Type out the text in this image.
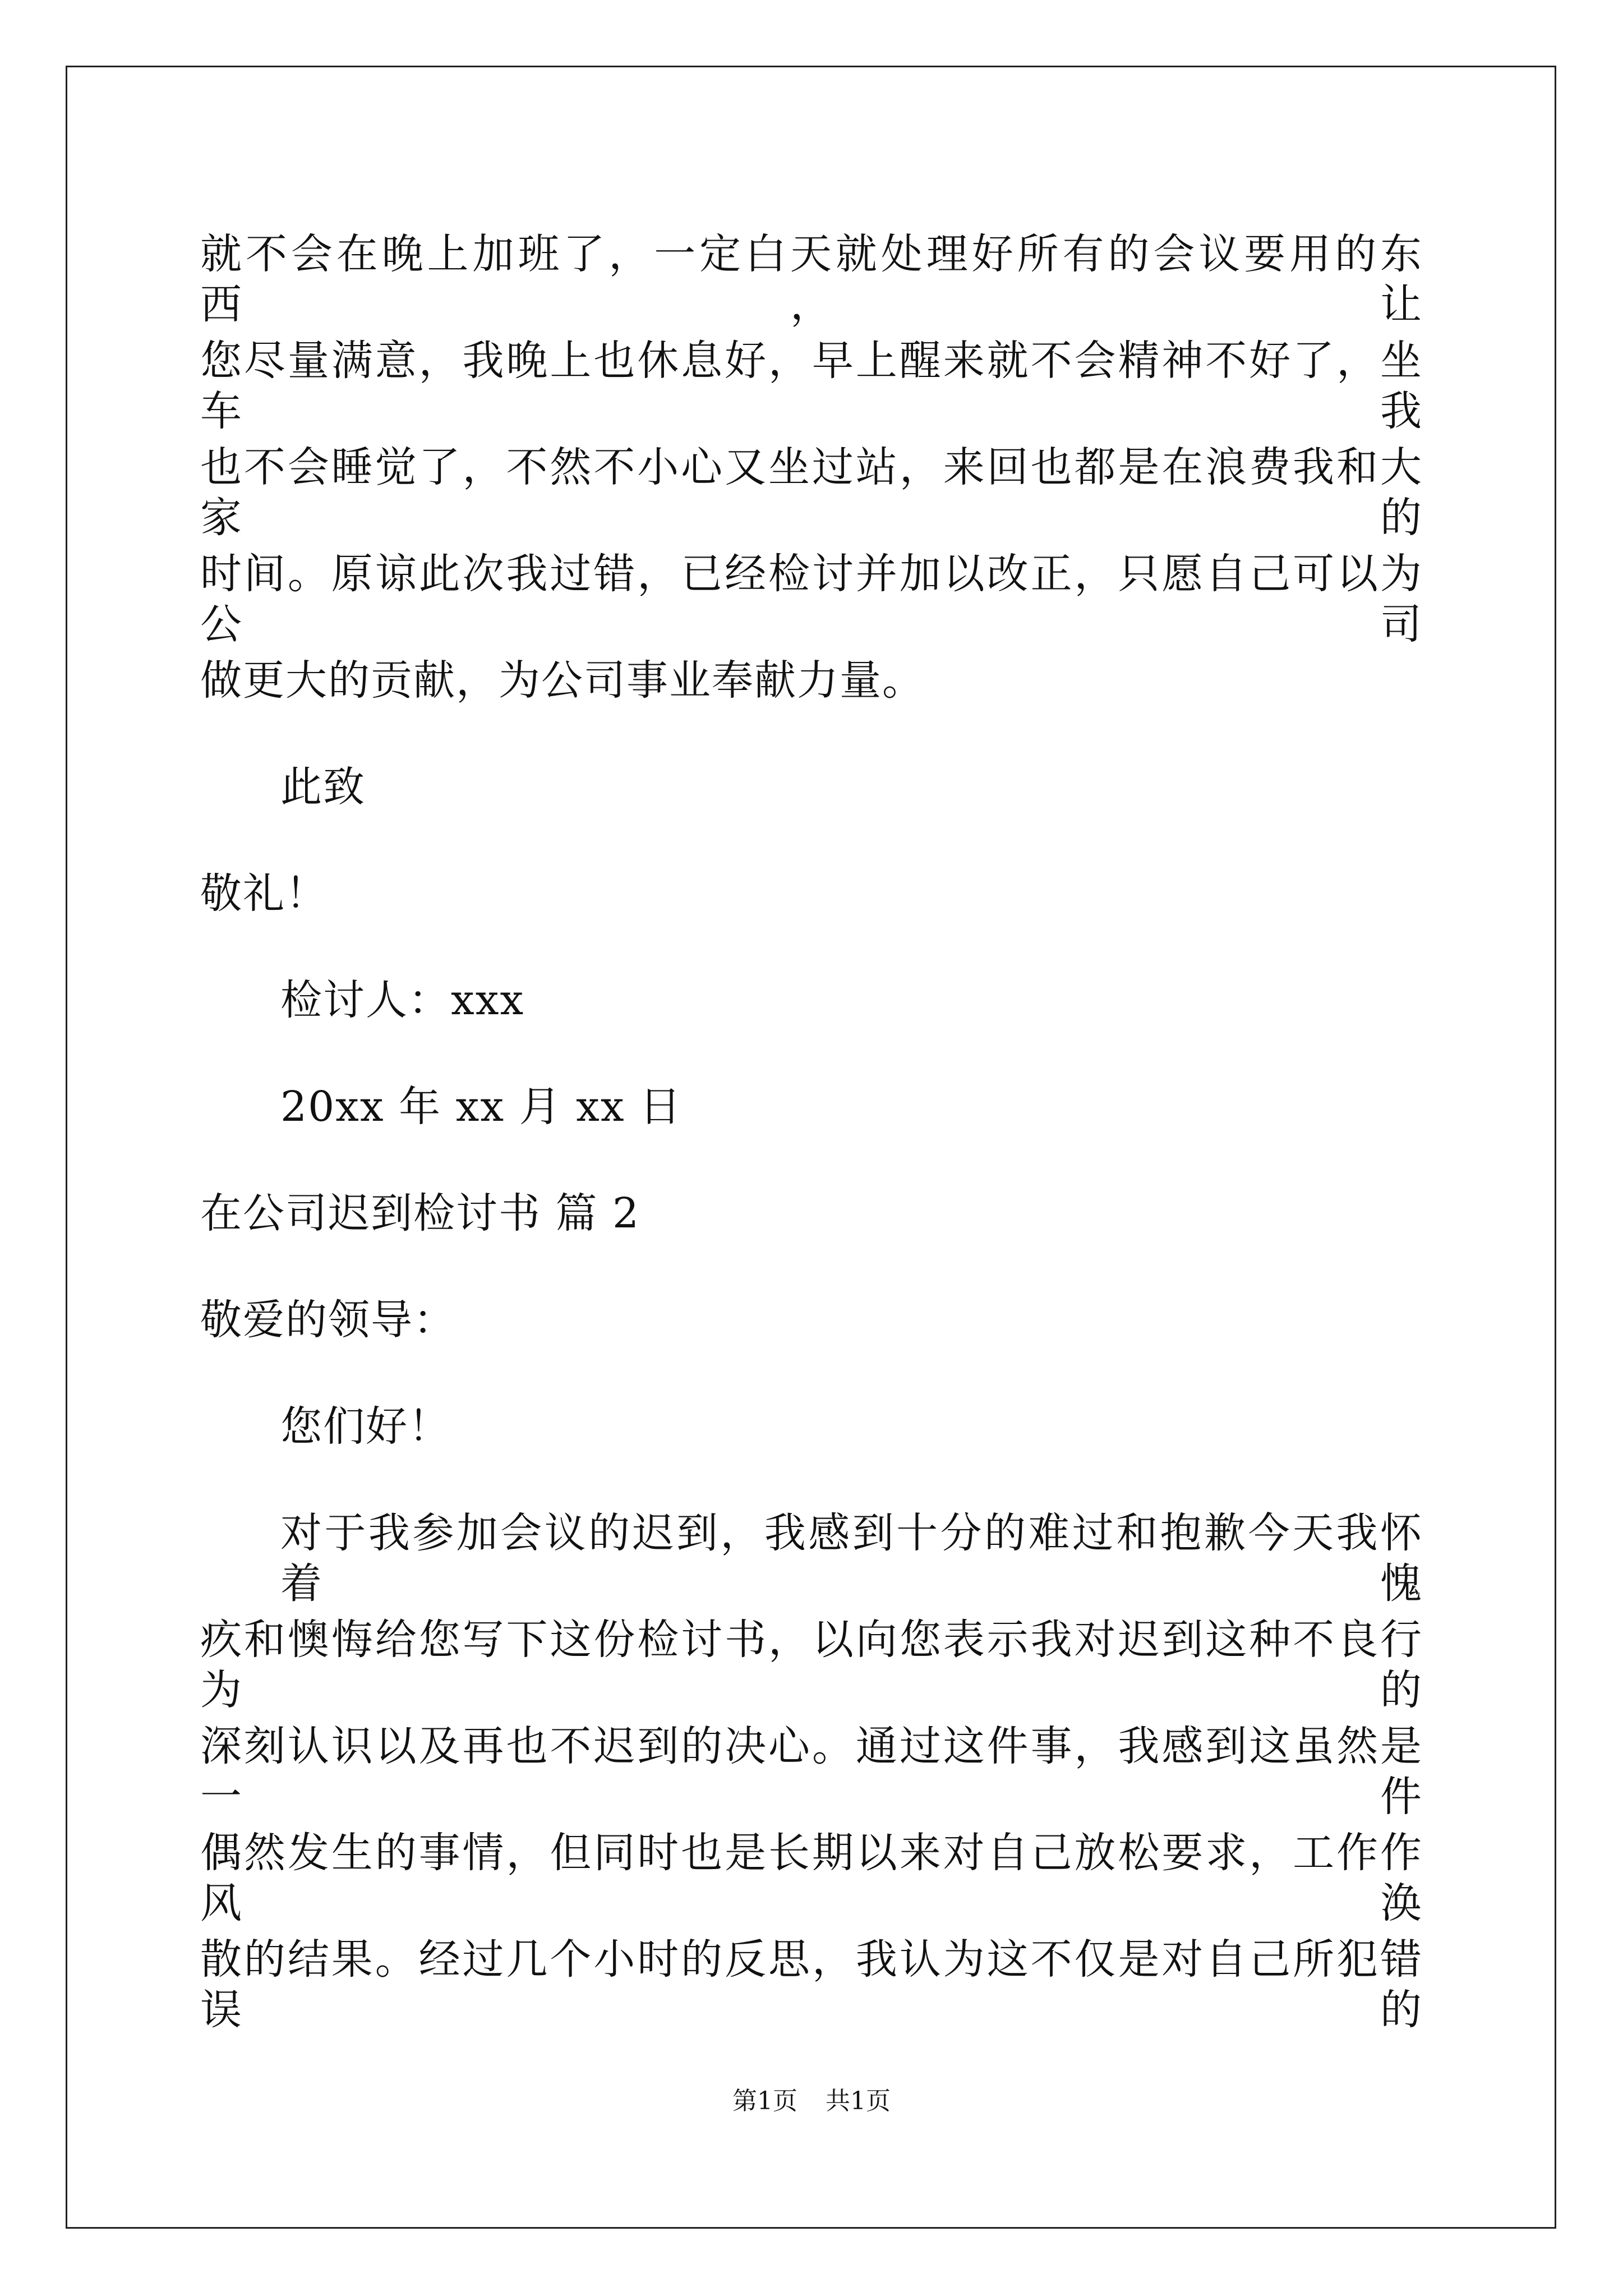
就不会在晚上加班了，一定白天就处理好所有的会议要用的东西，让
您尽量满意，我晚上也休息好，早上醒来就不会精神不好了，坐车我
也不会睡觉了，不然不小心又坐过站，来回也都是在浪费我和大家的
时间。原谅此次我过错，已经检讨并加以改正，只愿自己可以为公司
做更大的贡献，为公司事业奉献力量。
此致
敬礼！
检讨人：xxx
20xx 年 xx 月 xx 日
在公司迟到检讨书 篇 2
敬爱的领导：
您们好！
对于我参加会议的迟到，我感到十分的难过和抱歉今天我怀着愧
疚和懊悔给您写下这份检讨书，以向您表示我对迟到这种不良行为的
深刻认识以及再也不迟到的决心。通过这件事，我感到这虽然是一件
偶然发生的事情，但同时也是长期以来对自己放松要求，工作作风涣
散的结果。经过几个小时的反思，我认为这不仅是对自己所犯错误的
第1页 共1页
